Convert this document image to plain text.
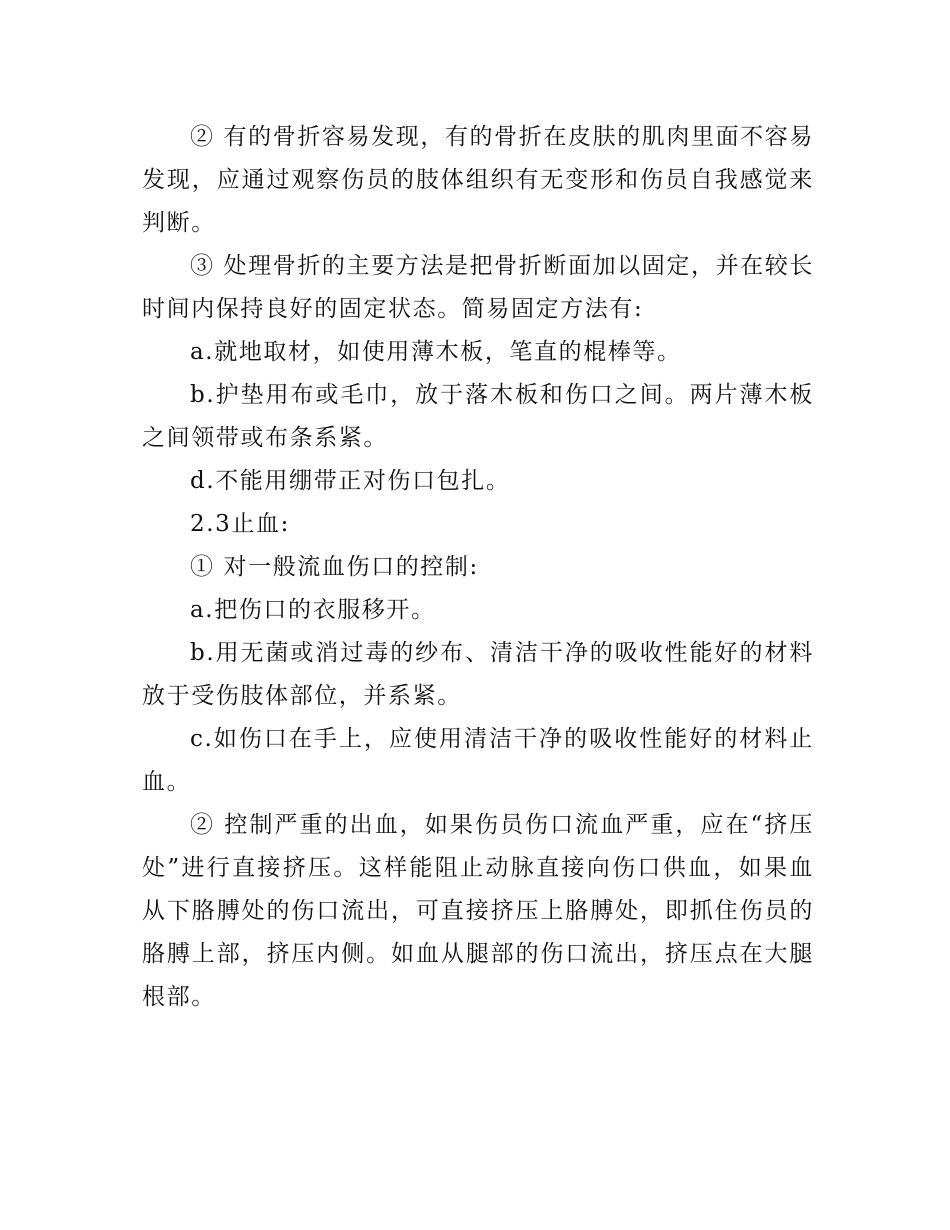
② 有的骨折容易发现，有的骨折在皮肤的肌肉里面不容易发现，应通过观察伤员的肢体组织有无变形和伤员自我感觉来判断。

③ 处理骨折的主要方法是把骨折断面加以固定，并在较长时间内保持良好的固定状态。简易固定方法有:

a.就地取材，如使用薄木板，笔直的棍棒等。

b.护垫用布或毛巾，放于落木板和伤口之间。两片薄木板之间领带或布条系紧。

d.不能用绷带正对伤口包扎。

2.3止血:

① 对一般流血伤口的控制:

a.把伤口的衣服移开。

b.用无菌或消过毒的纱布、清洁干净的吸收性能好的材料放于受伤肢体部位，并系紧。

c.如伤口在手上，应使用清洁干净的吸收性能好的材料止血。

② 控制严重的出血，如果伤员伤口流血严重，应在“挤压处”进行直接挤压。这样能阻止动脉直接向伤口供血，如果血从下胳膊处的伤口流出，可直接挤压上胳膊处，即抓住伤员的胳膊上部，挤压内侧。如血从腿部的伤口流出，挤压点在大腿根部。
